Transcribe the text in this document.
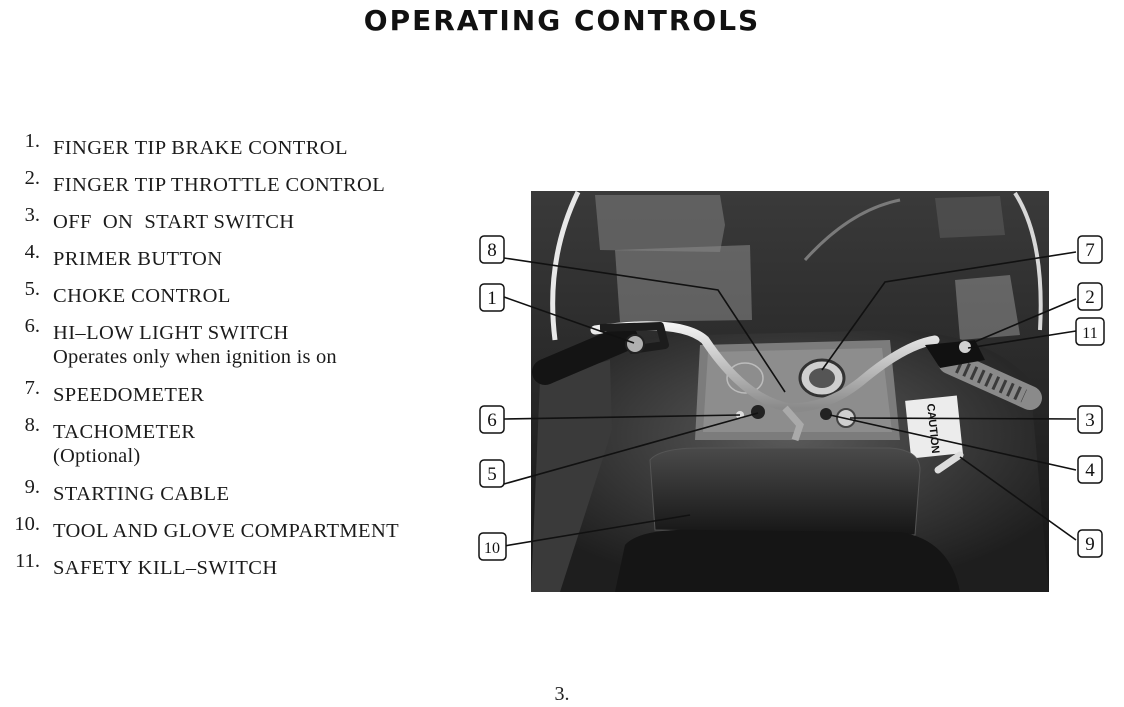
OPERATING CONTROLS
1. FINGER TIP BRAKE CONTROL
2. FINGER TIP THROTTLE CONTROL
3. OFF  ON  START SWITCH
4. PRIMER BUTTON
5. CHOKE CONTROL
6. HI–LOW LIGHT SWITCH
Operates only when ignition is on
7. SPEEDOMETER
8. TACHOMETER
(Optional)
9. STARTING CABLE
10. TOOL AND GLOVE COMPARTMENT
11. SAFETY KILL–SWITCH
CAUTION
8
1
6
5
10
7
2
11
3
4
9
3.
